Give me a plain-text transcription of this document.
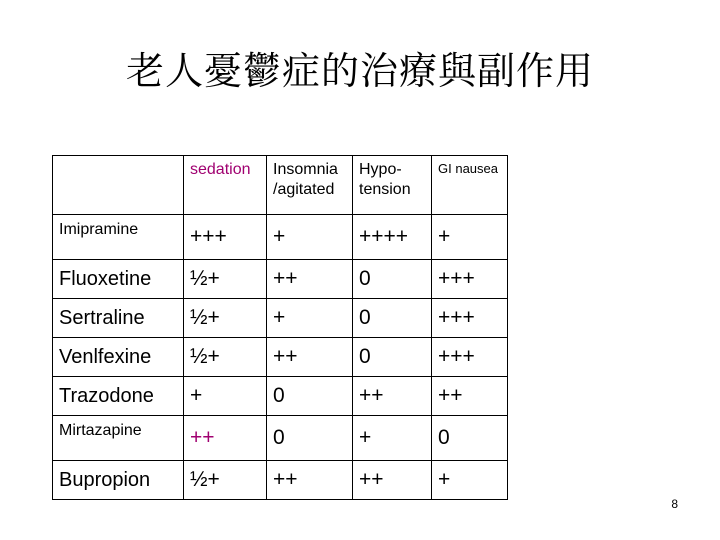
老人憂鬱症的治療與副作用
	sedation	Insomnia /agitated	Hypo- tension	GI nausea
Imipramine	+++	+	++++	+
Fluoxetine	½+	++	0	+++
Sertraline	½+	+	0	+++
Venlfexine	½+	++	0	+++
Trazodone	+	0	++	++
Mirtazapine	++	0	+	0
Bupropion	½+	++	++	+
8
